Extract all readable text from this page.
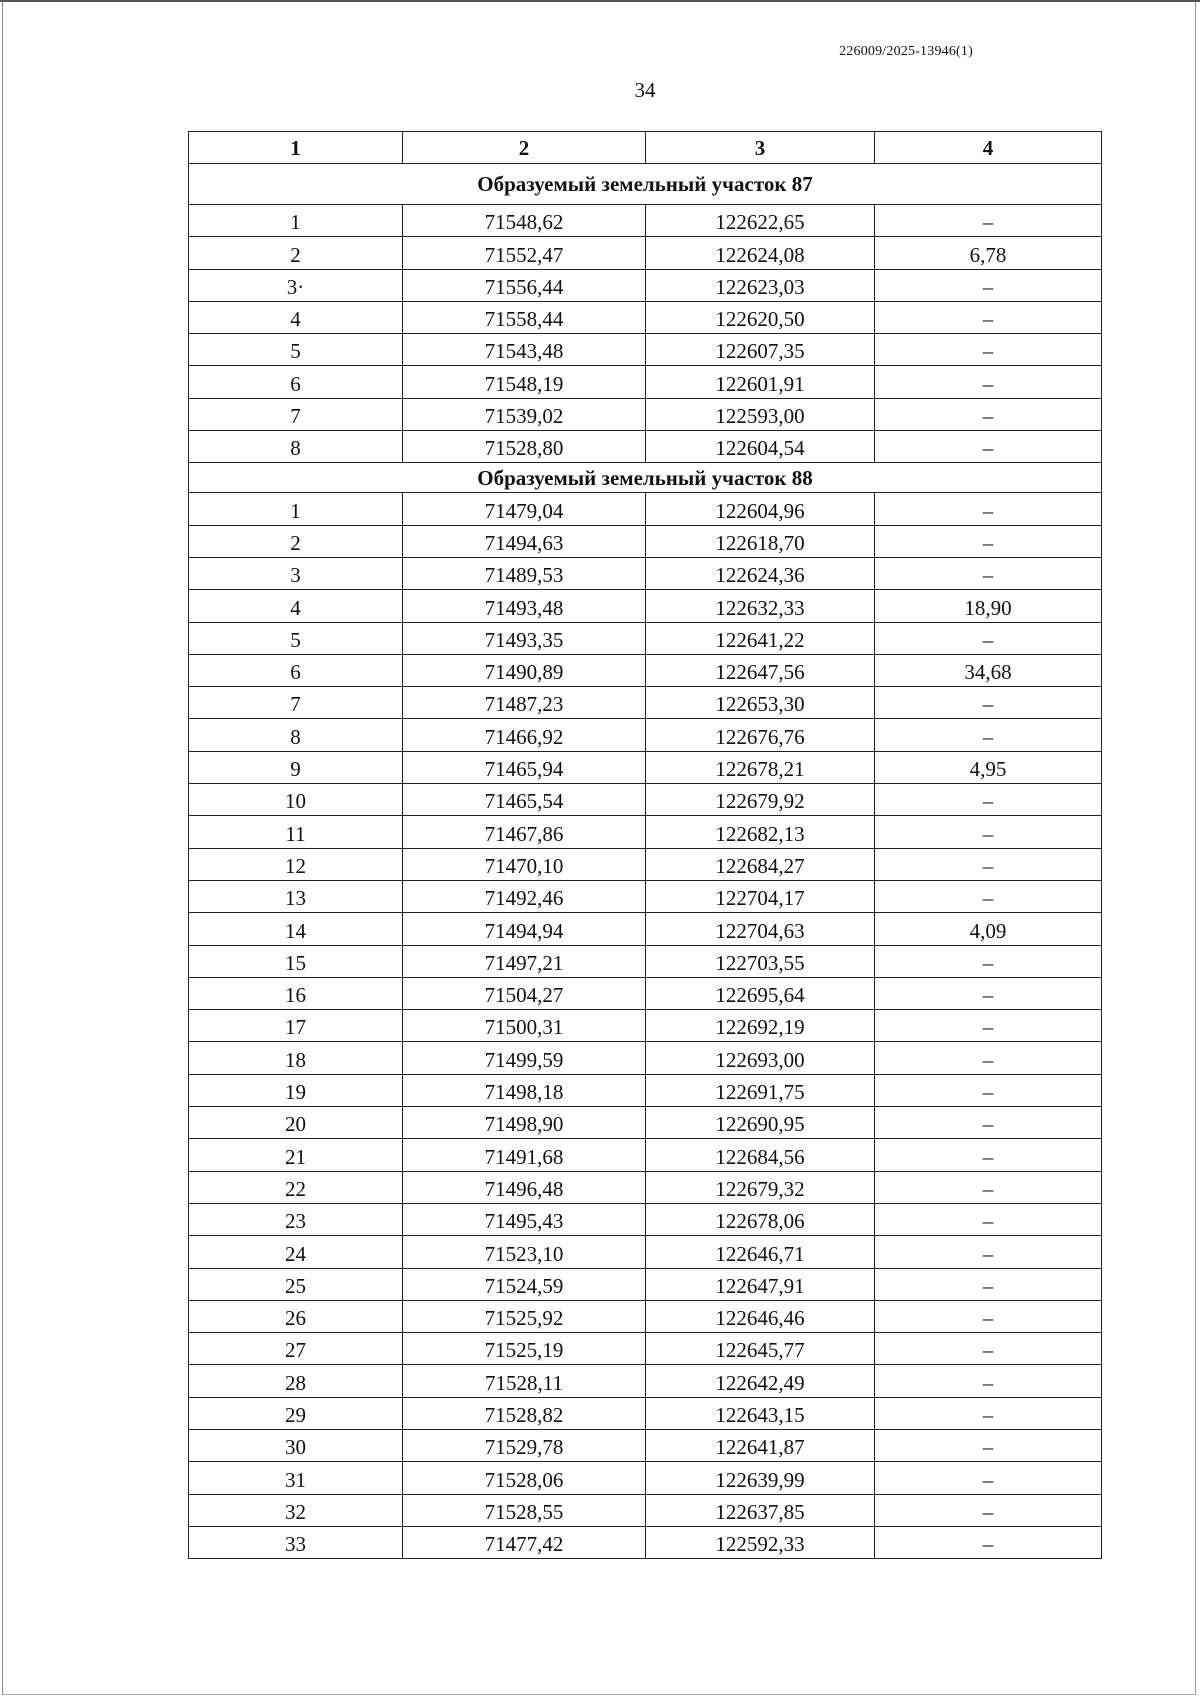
226009/2025-13946(1)
34
1	2	3	4
Образуемый земельный участок 87			
1	71548,62	122622,65	–
2	71552,47	122624,08	6,78
3·	71556,44	122623,03	–
4	71558,44	122620,50	–
5	71543,48	122607,35	–
6	71548,19	122601,91	–
7	71539,02	122593,00	–
8	71528,80	122604,54	–
Образуемый земельный участок 88			
1	71479,04	122604,96	–
2	71494,63	122618,70	–
3	71489,53	122624,36	–
4	71493,48	122632,33	18,90
5	71493,35	122641,22	–
6	71490,89	122647,56	34,68
7	71487,23	122653,30	–
8	71466,92	122676,76	–
9	71465,94	122678,21	4,95
10	71465,54	122679,92	–
11	71467,86	122682,13	–
12	71470,10	122684,27	–
13	71492,46	122704,17	–
14	71494,94	122704,63	4,09
15	71497,21	122703,55	–
16	71504,27	122695,64	–
17	71500,31	122692,19	–
18	71499,59	122693,00	–
19	71498,18	122691,75	–
20	71498,90	122690,95	–
21	71491,68	122684,56	–
22	71496,48	122679,32	–
23	71495,43	122678,06	–
24	71523,10	122646,71	–
25	71524,59	122647,91	–
26	71525,92	122646,46	–
27	71525,19	122645,77	–
28	71528,11	122642,49	–
29	71528,82	122643,15	–
30	71529,78	122641,87	–
31	71528,06	122639,99	–
32	71528,55	122637,85	–
33	71477,42	122592,33	–
